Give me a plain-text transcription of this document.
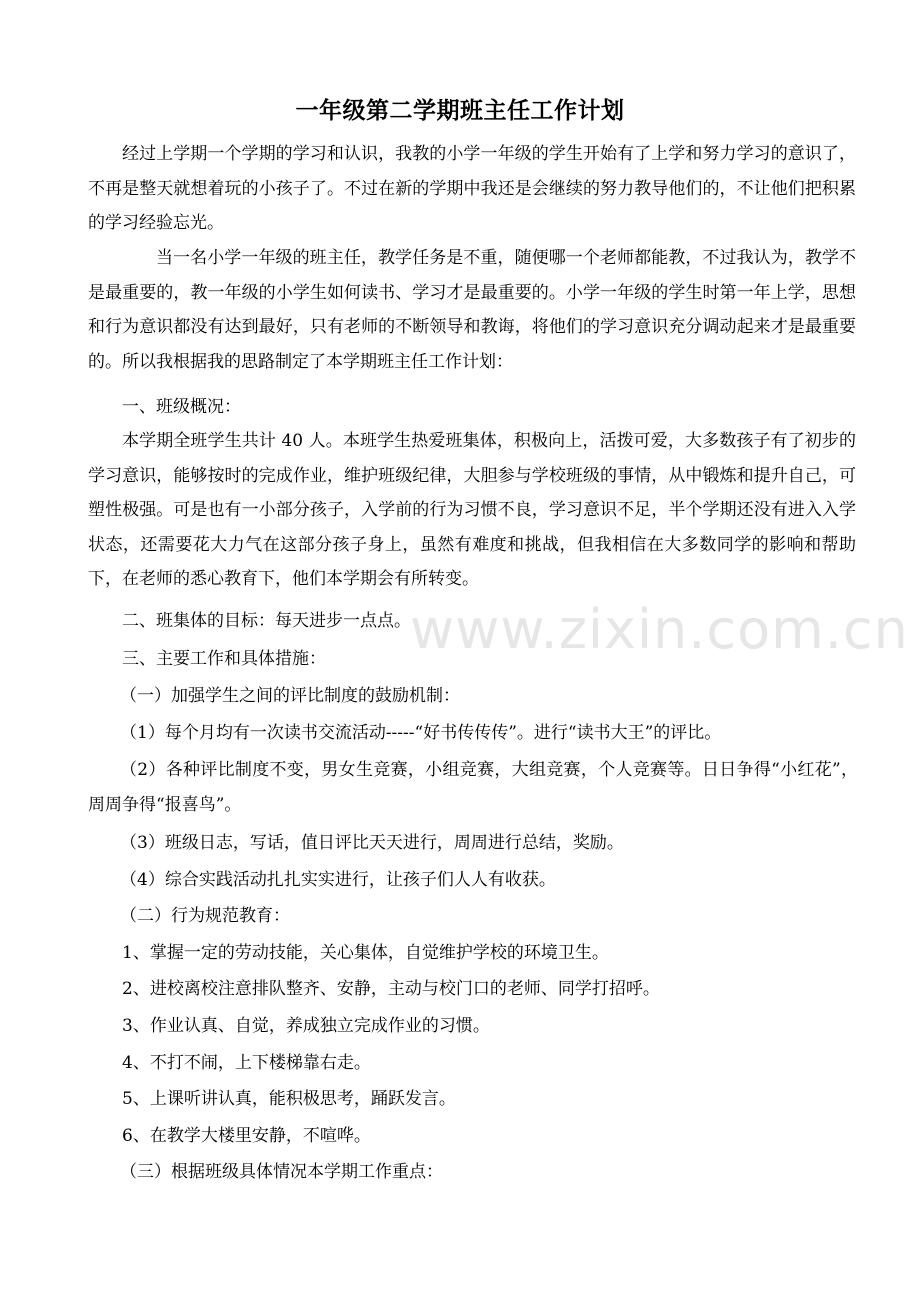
一年级第二学期班主任工作计划

经过上学期一个学期的学习和认识，我教的小学一年级的学生开始有了上学和努力学习的意识了，不再是整天就想着玩的小孩子了。不过在新的学期中我还是会继续的努力教导他们的，不让他们把积累的学习经验忘光。

当一名小学一年级的班主任，教学任务是不重，随便哪一个老师都能教，不过我认为，教学不是最重要的，教一年级的小学生如何读书、学习才是最重要的。小学一年级的学生时第一年上学，思想和行为意识都没有达到最好，只有老师的不断领导和教诲，将他们的学习意识充分调动起来才是最重要的。所以我根据我的思路制定了本学期班主任工作计划：

一、班级概况：

本学期全班学生共计 40 人。本班学生热爱班集体，积极向上，活拨可爱，大多数孩子有了初步的学习意识，能够按时的完成作业，维护班级纪律，大胆参与学校班级的事情，从中锻炼和提升自己，可塑性极强。可是也有一小部分孩子，入学前的行为习惯不良，学习意识不足，半个学期还没有进入入学状态，还需要花大力气在这部分孩子身上，虽然有难度和挑战，但我相信在大多数同学的影响和帮助下，在老师的悉心教育下，他们本学期会有所转变。

二、班集体的目标：每天进步一点点。
三、主要工作和具体措施：
（一）加强学生之间的评比制度的鼓励机制：
（1）每个月均有一次读书交流活动-----“好书传传传”。进行“读书大王”的评比。

（2）各种评比制度不变，男女生竞赛，小组竞赛，大组竞赛，个人竞赛等。日日争得“小红花”，周周争得“报喜鸟”。

（3）班级日志，写话，值日评比天天进行，周周进行总结，奖励。
（4）综合实践活动扎扎实实进行，让孩子们人人有收获。
（二）行为规范教育：
1、掌握一定的劳动技能，关心集体，自觉维护学校的环境卫生。
2、进校离校注意排队整齐、安静，主动与校门口的老师、同学打招呼。
3、作业认真、自觉，养成独立完成作业的习惯。
4、不打不闹，上下楼梯靠右走。
5、上课听讲认真，能积极思考，踊跃发言。
6、在教学大楼里安静，不喧哗。
（三）根据班级具体情况本学期工作重点：
www.zixin.com.cn
